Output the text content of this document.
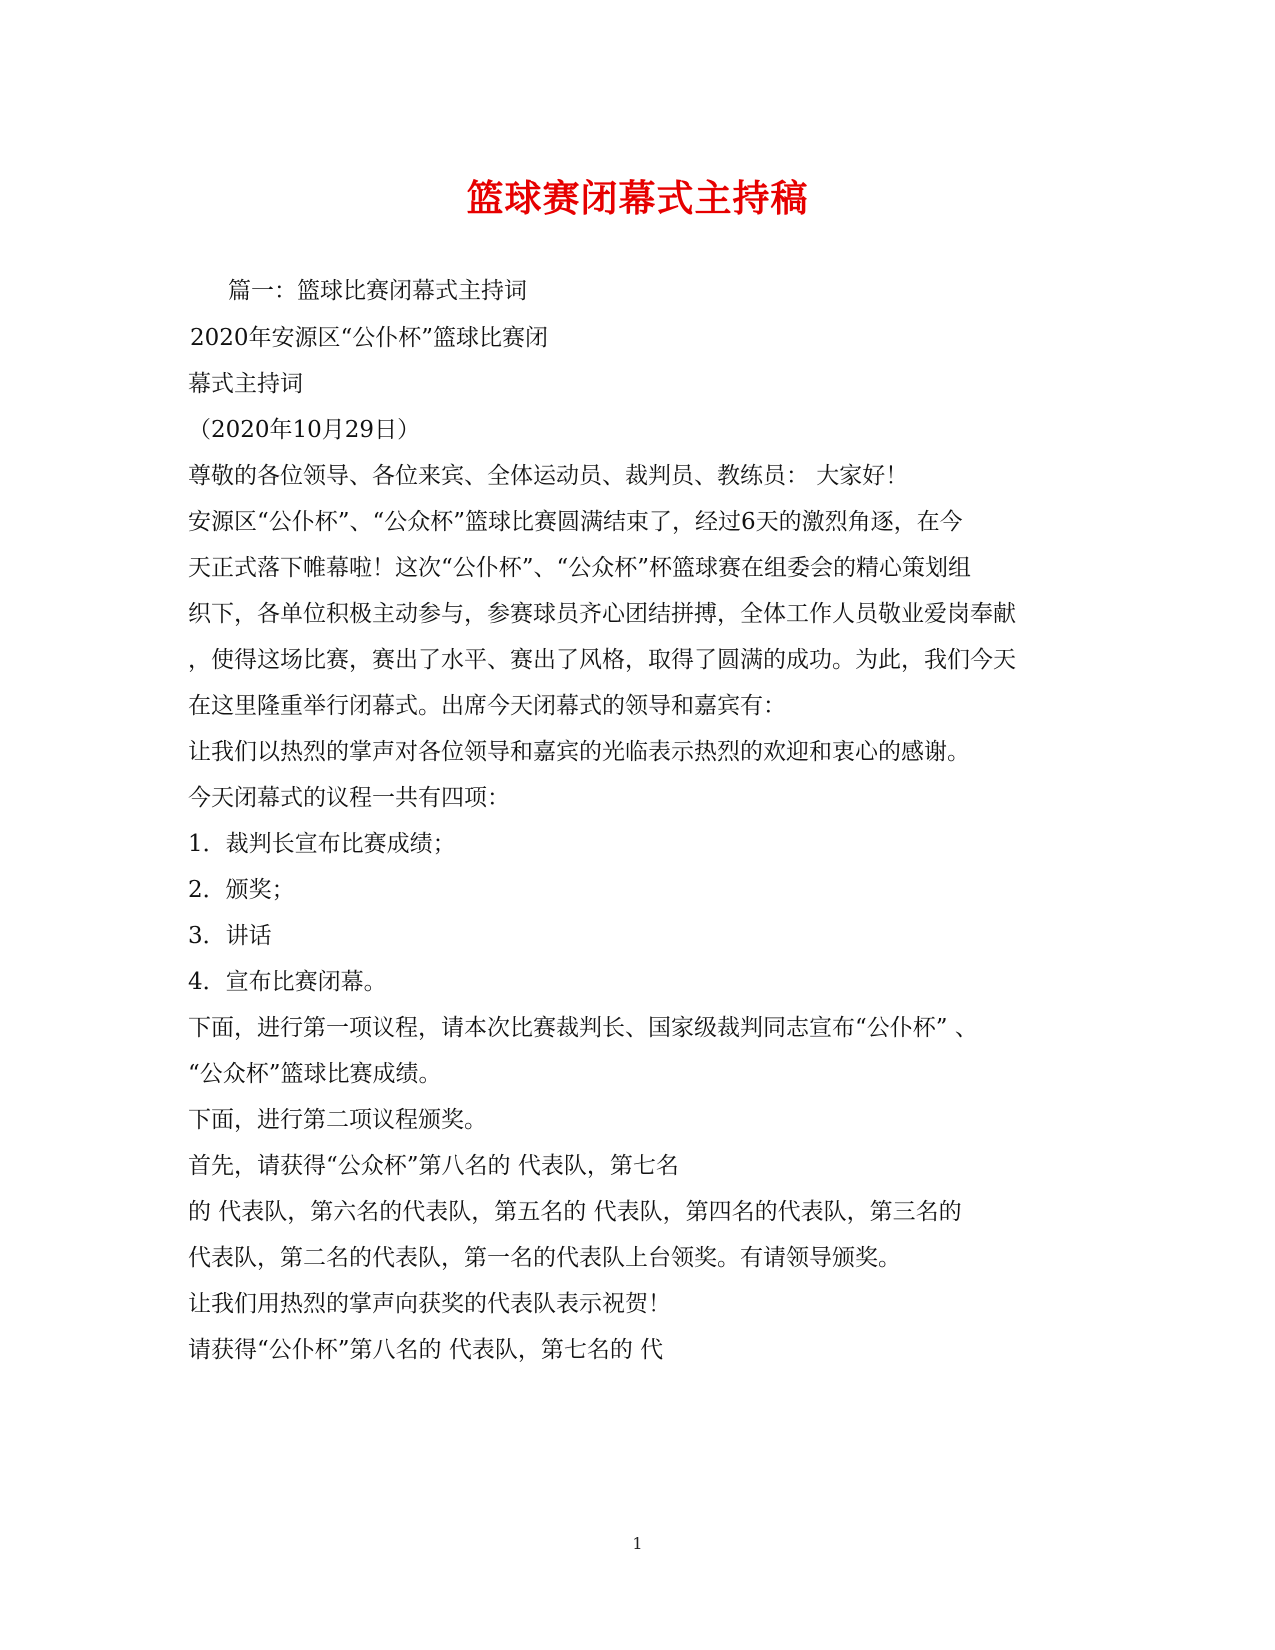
篮球赛闭幕式主持稿
篇一：篮球比赛闭幕式主持词
2020年安源区“公仆杯”篮球比赛闭
幕式主持词
（2020年10月29日）
尊敬的各位领导、各位来宾、全体运动员、裁判员、教练员： 大家好！
安源区“公仆杯”、“公众杯”篮球比赛圆满结束了，经过6天的激烈角逐，在今
天正式落下帷幕啦！这次“公仆杯”、“公众杯”杯篮球赛在组委会的精心策划组
织下，各单位积极主动参与，参赛球员齐心团结拼搏，全体工作人员敬业爱岗奉献
，使得这场比赛，赛出了水平、赛出了风格，取得了圆满的成功。为此，我们今天
在这里隆重举行闭幕式。出席今天闭幕式的领导和嘉宾有：
让我们以热烈的掌声对各位领导和嘉宾的光临表示热烈的欢迎和衷心的感谢。
今天闭幕式的议程一共有四项：
1．裁判长宣布比赛成绩；
2．颁奖；
3．讲话
4．宣布比赛闭幕。
下面，进行第一项议程，请本次比赛裁判长、国家级裁判同志宣布“公仆杯” 、
“公众杯”篮球比赛成绩。
下面，进行第二项议程颁奖。
首先，请获得“公众杯”第八名的 代表队，第七名
的 代表队，第六名的代表队，第五名的 代表队，第四名的代表队，第三名的
代表队，第二名的代表队，第一名的代表队上台领奖。有请领导颁奖。
让我们用热烈的掌声向获奖的代表队表示祝贺！
请获得“公仆杯”第八名的 代表队，第七名的 代
1
